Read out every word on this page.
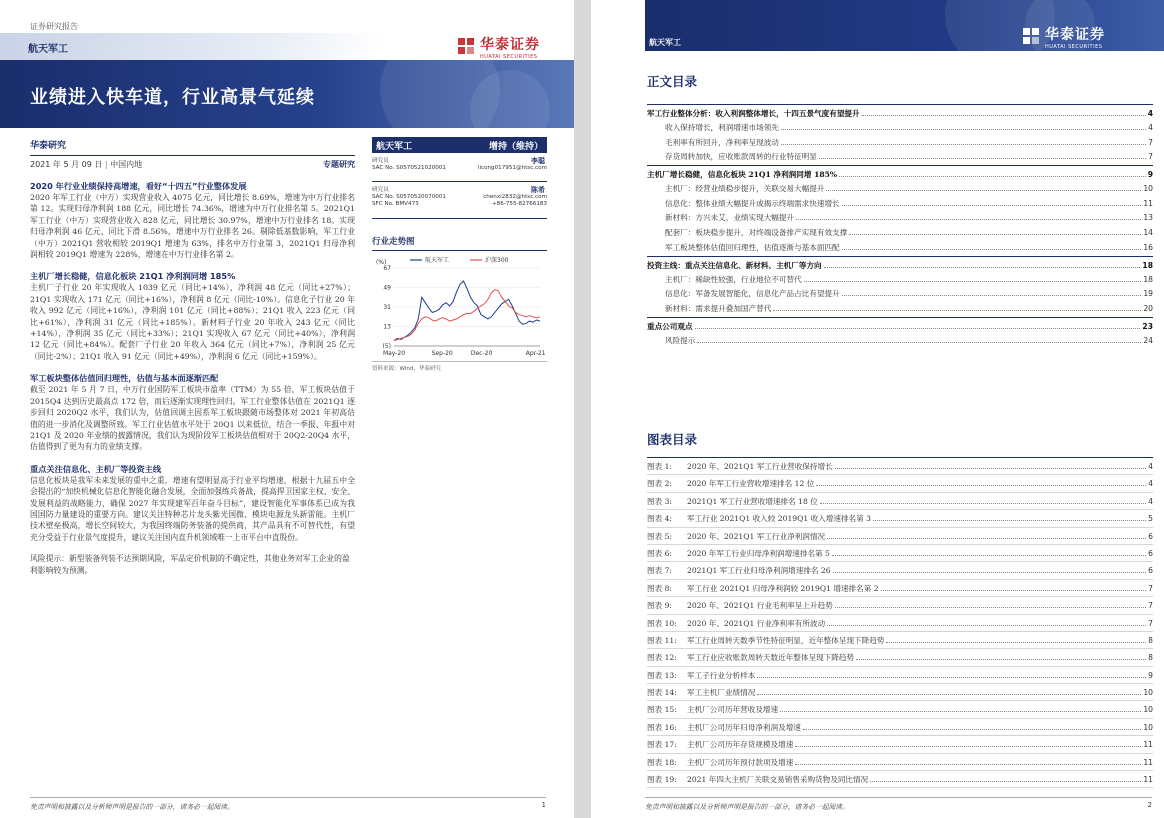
证券研究报告
航天军工	华泰证券
HUATAI SECURITIES
业绩进入快车道，行业高景气延续
华泰研究
2021 年 5 月 09 日 | 中国内地	专题研究
2020 年行业业绩保持高增速，看好“十四五”行业整体发展

2020 年军工行业（中万）实现营业收入 4075 亿元，同比增长 8.69%，增速为中万行业排名第 12。实现归母净利润 188 亿元，同比增长 74.36%，增速为中万行业排名第 5。2021Q1 军工行业（中万）实现营业收入 828 亿元，同比增长 30.97%，增速中万行业排名 18。实现归母净利润 46 亿元，同比下滑 8.56%，增速中万行业排名 26。剔除低基数影响，军工行业（中万）2021Q1 营收相较 2019Q1 增速为 63%，排名中万行业第 3，2021Q1 归母净利润相较 2019Q1 增速为 228%，增速在中万行业排名第 2。

主机厂增长稳健，信息化板块 21Q1 净利润同增 185%

主机厂子行业 20 年实现收入 1039 亿元（同比+14%），净利润 48 亿元（同比+27%）；21Q1 实现收入 171 亿元（同比+16%），净利润 8 亿元（同比-10%）。信息化子行业 20 年收入 992 亿元（同比+16%），净利润 101 亿元（同比+88%）；21Q1 收入 223 亿元（同比+61%），净利润 31 亿元（同比+185%）。新材料子行业 20 年收入 243 亿元（同比+14%），净利润 35 亿元（同比+33%）；21Q1 实现收入 67 亿元（同比+40%），净利润 12 亿元（同比+84%）。配套厂子行业 20 年收入 364 亿元（同比+7%），净利润 25 亿元（同比-2%）；21Q1 收入 91 亿元（同比+49%），净利润 6 亿元（同比+159%）。

军工板块整体估值回归理性，估值与基本面逐渐匹配

截至 2021 年 5 月 7 日，中万行业国防军工板块市盈率（TTM）为 55 倍，军工板块估值于 2015Q4 达到历史最高点 172 倍，而后逐渐实现理性回归。军工行业整体估值在 2021Q1 逐步回归 2020Q2 水平，我们认为，估值回调主因系军工板块跟随市场整体对 2021 年初高估值的进一步消化及调整所致。军工行业估值水平处于 20Q1 以来低位，结合一季报、年报中对 21Q1 及 2020 年业绩的披露情况，我们认为现阶段军工板块估值相对于 20Q2-20Q4 水平，估值得到了更为有力的业绩支撑。

重点关注信息化、主机厂等投资主线

信息化板块是我军未来发展的重中之重，增速有望明显高于行业平均增速，根据十九届五中全会提出的“加快机械化信息化智能化融合发展，全面加强练兵备战，提高捍卫国家主权、安全、发展利益的战略能力，确保 2027 年实现建军百年奋斗目标”，建设智能化军事体系已成为我国国防力量建设的重要方向。建议关注特种芯片龙头紫光国微、模块电源龙头新雷能。主机厂技术壁垒极高，增长空间较大，为我国终端防务装备的提供商，其产品具有不可替代性，有望充分受益于行业景气度提升，建议关注国内直升机领域唯一上市平台中直股份。

风险提示：新型装备列装不达预期风险，军品定价机制的不确定性，其他业务对军工企业的盈利影响较为预测。
航天军工	增持（维持）
研究员	李聪
SAC No. S0570521020001	licong017951@htsc.com
研究员	陈希
SAC No. S0570520070001	chenxi2832@htsc.com
SFC No. BMV473	+86-755-82766183
行业走势图
(%)
(5)
13
31
49
67
May-20	Sep-20	Dec-20	Apr-21
航天军工	沪深300
资料来源：Wind，华泰研究
免责声明和披露以及分析师声明是报告的一部分，请务必一起阅读。	1
航天军工	华泰证券
HUATAI SECURITIES
正文目录
军工行业整体分析：收入利润整体增长，十四五景气度有望提升	4
收入保持增长，利润增速市场领先	4
毛利率有所回升，净利率呈现波动	7
存货周转加快，应收账款周转的行业特征明显	7
主机厂增长稳健，信息化板块 21Q1 净利润同增 185%	9
主机厂：经营业绩稳步提升，关联交易大幅提升	10
信息化：整体业绩大幅提升或揭示终端需求快速增长	11
新材料：方兴未艾，业绩实现大幅提升	13
配套厂：板块稳步提升，对终端设备排产实现有效支撑	14
军工板块整体估值回归理性，估值逐渐与基本面匹配	16
投资主线：重点关注信息化、新材料、主机厂等方向	18
主机厂：稀缺性较强，行业地位不可替代	18
信息化：军备发展智能化，信息化产品占比有望提升	19
新材料：需求提升叠加国产替代	20
重点公司观点	23
风险提示	24
图表目录
图表 1:	2020 年、2021Q1 军工行业营收保持增长	4
图表 2:	2020 年军工行业营收增速排名 12 位	4
图表 3:	2021Q1 军工行业营收增速排名 18 位	4
图表 4:	军工行业 2021Q1 收入较 2019Q1 收入增速排名第 3	5
图表 5:	2020 年、2021Q1 军工行业净利润情况	6
图表 6:	2020 年军工行业归母净利润增速排名第 5	6
图表 7:	2021Q1 军工行业归母净利润增速排名 26	6
图表 8:	军工行业 2021Q1 归母净利润较 2019Q1 增速排名第 2	7
图表 9:	2020 年、2021Q1 行业毛利率呈上升趋势	7
图表 10:	2020 年、2021Q1 行业净利率有所波动	7
图表 11:	军工行业周转天数季节性特征明显，近年整体呈现下降趋势	8
图表 12:	军工行业应收账款周转天数近年整体呈现下降趋势	8
图表 13:	军工子行业分析样本	9
图表 14:	军工主机厂业绩情况	10
图表 15:	主机厂公司历年营收及增速	10
图表 16:	主机厂公司历年归母净利润及增速	10
图表 17:	主机厂公司历年存货规模及增速	11
图表 18:	主机厂公司历年预付款项及增速	11
图表 19:	2021 年四大主机厂关联交易销售采购货物及同比情况	11
免责声明和披露以及分析师声明是报告的一部分，请务必一起阅读。	2
